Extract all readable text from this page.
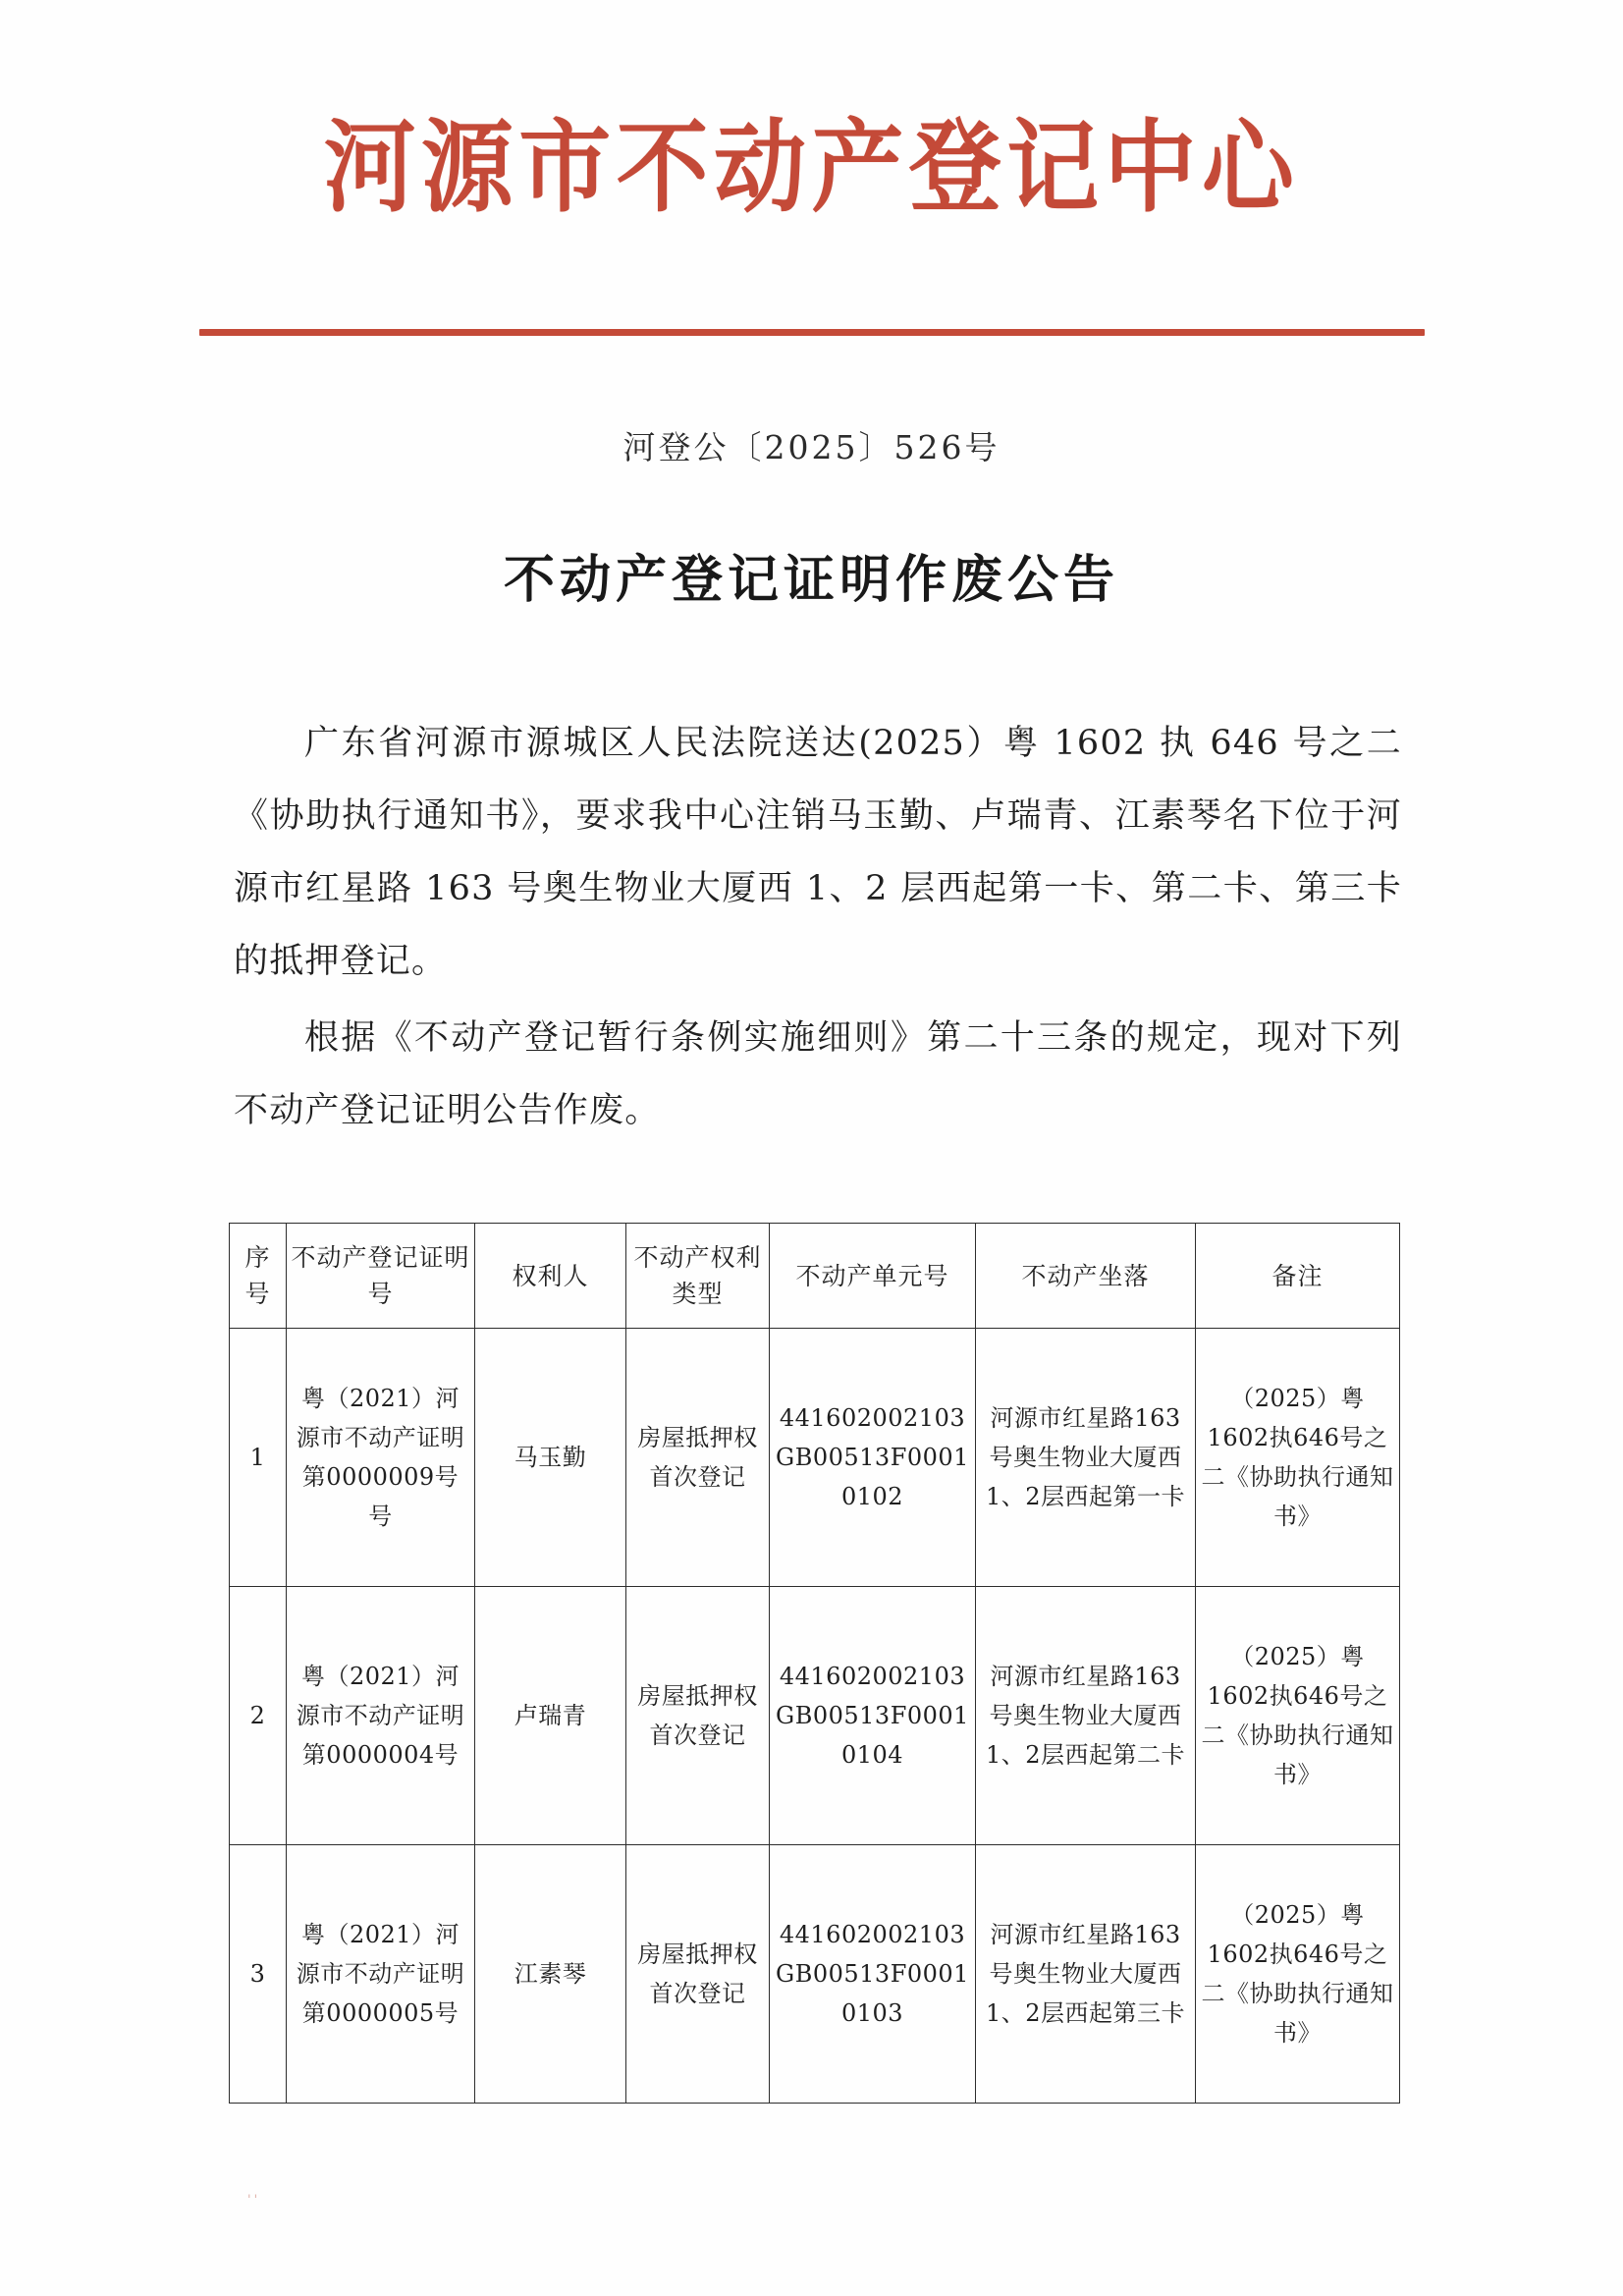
河源市不动产登记中心
河登公〔2025〕526号
不动产登记证明作废公告

广东省河源市源城区人民法院送达(2025）粤 1602 执 646 号之二《协助执行通知书》，要求我中心注销马玉勤、卢瑞青、江素琴名下位于河源市红星路 163 号奥生物业大厦西 1、2 层西起第一卡、第二卡、第三卡的抵押登记。

根据《不动产登记暂行条例实施细则》第二十三条的规定，现对下列不动产登记证明公告作废。

序号	不动产登记证明号	权利人	不动产权利类型	不动产单元号	不动产坐落	备注
1	粤（2021）河源市不动产证明第0000009号号	马玉勤	房屋抵押权首次登记	441602002103GB00513F00010102	河源市红星路163号奥生物业大厦西1、2层西起第一卡	（2025）粤1602执646号之二《协助执行通知书》
2	粤（2021）河源市不动产证明第0000004号	卢瑞青	房屋抵押权首次登记	441602002103GB00513F00010104	河源市红星路163号奥生物业大厦西1、2层西起第二卡	（2025）粤1602执646号之二《协助执行通知书》
3	粤（2021）河源市不动产证明第0000005号	江素琴	房屋抵押权首次登记	441602002103GB00513F00010103	河源市红星路163号奥生物业大厦西1、2层西起第三卡	（2025）粤1602执646号之二《协助执行通知书》
''
